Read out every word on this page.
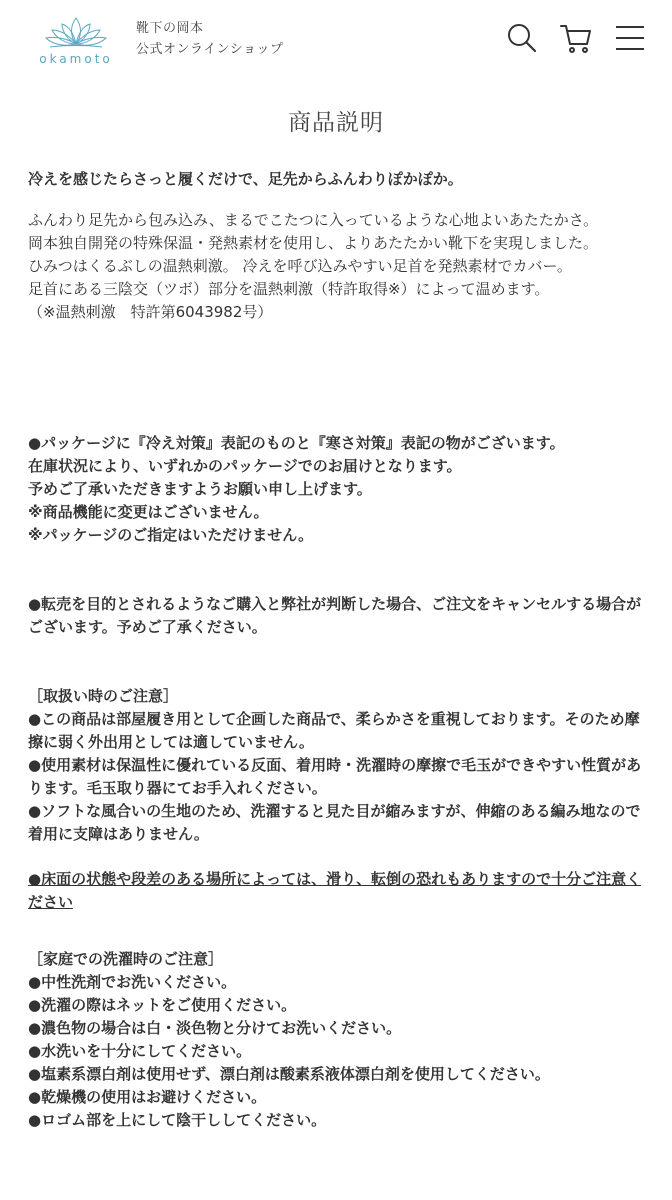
okamoto
靴下の岡本
公式オンラインショップ
商品説明

冷えを感じたらさっと履くだけで、足先からふんわりぽかぽか。

ふんわり足先から包み込み、まるでこたつに入っているような心地よいあたたかさ。

岡本独自開発の特殊保温・発熱素材を使用し、よりあたたかい靴下を実現しました。

ひみつはくるぶしの温熱刺激。 冷えを呼び込みやすい足首を発熱素材でカバー。

足首にある三陰交（ツボ）部分を温熱刺激（特許取得※）によって温めます。

（※温熱刺激　特許第6043982号）

●パッケージに『冷え対策』表記のものと『寒さ対策』表記の物がございます。

在庫状況により、いずれかのパッケージでのお届けとなります。

予めご了承いただきますようお願い申し上げます。

※商品機能に変更はございません。

※パッケージのご指定はいただけません。

●転売を目的とされるようなご購入と弊社が判断した場合、ご注文をキャンセルする場合がございます。予めご了承ください。

［取扱い時のご注意］

●この商品は部屋履き用として企画した商品で、柔らかさを重視しております。そのため摩擦に弱く外出用としては適していません。

●使用素材は保温性に優れている反面、着用時・洗濯時の摩擦で毛玉ができやすい性質があります。毛玉取り器にてお手入れください。

●ソフトな風合いの生地のため、洗濯すると見た目が縮みますが、伸縮のある編み地なので着用に支障はありません。

●床面の状態や段差のある場所によっては、滑り、転倒の恐れもありますので十分ご注意ください

［家庭での洗濯時のご注意］

●中性洗剤でお洗いください。

●洗濯の際はネットをご使用ください。

●濃色物の場合は白・淡色物と分けてお洗いください。

●水洗いを十分にしてください。

●塩素系漂白剤は使用せず、漂白剤は酸素系液体漂白剤を使用してください。

●乾燥機の使用はお避けください。

●ロゴム部を上にして陰干ししてください。
